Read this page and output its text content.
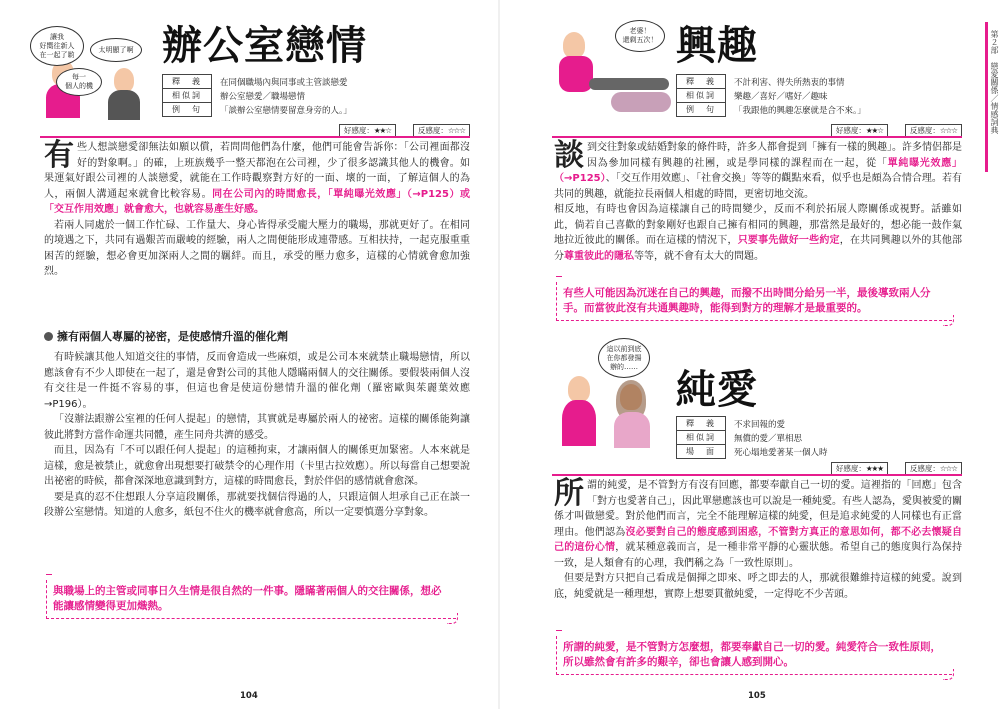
讓我
好嚮往新人
在一起了喲
太明顯了啊
每一
個人的機
辦公室戀情
釋　義	在同個職場內與同事或主管談戀愛
相似詞	辦公室戀愛／職場戀情
例　句	「談辦公室戀情要留意身旁的人。」
好感度：★★☆	反感度：☆☆☆

有些人想談戀愛卻無法如願以償，若問問他們為什麼，他們可能會告訴你：「公司裡面都沒好的對象啊。」的確，上班族幾乎一整天都泡在公司裡，少了很多認識其他人的機會。如果運氣好跟公司裡的人談戀愛，就能在工作時觀察對方好的一面、壞的一面，了解這個人的為人，兩個人溝通起來就會比較容易。同在公司內的時間愈長，「單純曝光效應」（→P125）或「交互作用效應」就會愈大，也就容易產生好感。

若兩人同處於一個工作忙碌、工作量大、身心皆得承受龐大壓力的職場，那就更好了。在相同的境遇之下，共同有過艱苦而嚴峻的經驗，兩人之間便能形成連帶感。互相扶持，一起克服重重困苦的經驗，想必會更加深兩人之間的羈絆。而且，承受的壓力愈多，這樣的心情就會愈加強烈。

擁有兩個人專屬的祕密，是使感情升溫的催化劑

有時候讓其他人知道交往的事情，反而會造成一些麻煩，或是公司本來就禁止職場戀情，所以應該會有不少人即使在一起了，還是會對公司的其他人隱瞞兩個人的交往關係。要假裝兩個人沒有交往是一件挺不容易的事，但這也會是使這份戀情升溫的催化劑（羅密歐與茱麗葉效應→P196）。

「沒辦法跟辦公室裡的任何人提起」的戀情，其實就是專屬於兩人的祕密。這樣的關係能夠讓彼此將對方當作命運共同體，產生同舟共濟的感受。

而且，因為有「不可以跟任何人提起」的這種拘束，才讓兩個人的關係更加緊密。人本來就是這樣，愈是被禁止，就愈會出現想要打破禁令的心理作用（卡里古拉效應）。所以每當自己想要說出祕密的時候，都會深深地意識到對方，這樣的時間愈長，對於伴侶的感情就會愈深。

要是真的忍不住想跟人分享這段關係，那就要找個信得過的人，只跟這個人坦承自己正在談一段辦公室戀情。知道的人愈多，紙包不住火的機率就會愈高，所以一定要慎選分享對象。

與職場上的主管或同事日久生情是很自然的一件事。隱瞞著兩個人的交往關係，想必能讓感情變得更加熾熱。
104
老婆！
還剩五次！ 興趣
釋　義	不計利害、得失所熱衷的事情
相似詞	樂趣／喜好／嗜好／趣味
例　句	「我跟他的興趣怎麼就是合不來。」
好感度：★★☆	反感度：☆☆☆

談到交往對象或結婚對象的條件時，許多人都會提到「擁有一樣的興趣」。許多情侶都是因為參加同樣有興趣的社團，或是學同樣的課程而在一起，從「單純曝光效應」（→P125）、「交互作用效應」、「社會交換」等等的觀點來看，似乎也是頗為合情合理。若有共同的興趣，就能拉長兩個人相處的時間，更密切地交流。

相反地，有時也會因為這樣讓自己的時間變少，反而不利於拓展人際關係或視野。話雖如此，倘若自己喜歡的對象剛好也跟自己擁有相同的興趣，那當然是最好的，想必能一鼓作氣地拉近彼此的關係。而在這樣的情況下，只要事先做好一些約定，在共同興趣以外的其他部分尊重彼此的隱私等等，就不會有太大的問題。

有些人可能因為沉迷在自己的興趣，而撥不出時間分給另一半，最後導致兩人分手。而當彼此沒有共通興趣時，能得到對方的理解才是最重要的。
這以前到底
在你都發揚
辦的…… 純愛
釋　義	不求回報的愛
相似詞	無償的愛／單相思
場　面	死心塌地愛著某一個人時
好感度：★★★	反感度：☆☆☆

所謂的純愛，是不管對方有沒有回應，都要奉獻自己一切的愛。這裡指的「回應」包含「對方也愛著自己」，因此單戀應該也可以說是一種純愛。有些人認為，愛與被愛的關係才叫做戀愛。對於他們而言，完全不能理解這樣的純愛，但是追求純愛的人同樣也有正當理由。他們認為沒必要對自己的態度感到困惑，不管對方真正的意思如何，都不必去懷疑自己的這份心情，就某種意義而言，是一種非常平靜的心靈狀態。希望自己的態度與行為保持一致，是人類會有的心理，我們稱之為「一致性原則」。

但要是對方只把自己看成是個揮之即來、呼之即去的人，那就很難維持這樣的純愛。說到底，純愛就是一種理想，實際上想要貫徹純愛，一定得吃不少苦頭。

所謂的純愛，是不管對方怎麼想，都要奉獻自己一切的愛。純愛符合一致性原則，所以雖然會有許多的艱辛，卻也會讓人感到開心。
第２部　戀愛關係／情感詞典
105
